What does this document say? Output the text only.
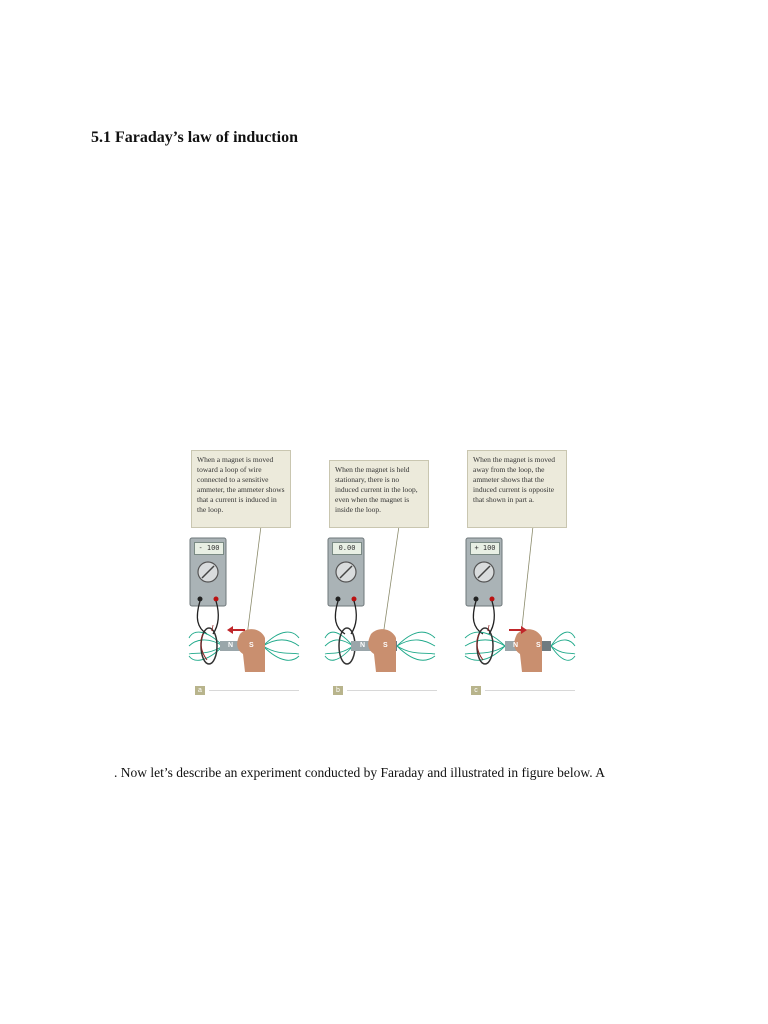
5.1 Faraday’s law of induction
When a magnet is moved toward a loop of wire connected to a sensitive ammeter, the ammeter shows that a current is induced in the loop.
- 100
N S
I
a
When the magnet is held stationary, there is no induced current in the loop, even when the magnet is inside the loop.
0.00
N	S
b
When the magnet is moved away from the loop, the ammeter shows that the induced current is opposite that shown in part a.
+ 100
N	S
I
c
. Now let’s describe an experiment conducted by Faraday and illustrated in figure below. A
